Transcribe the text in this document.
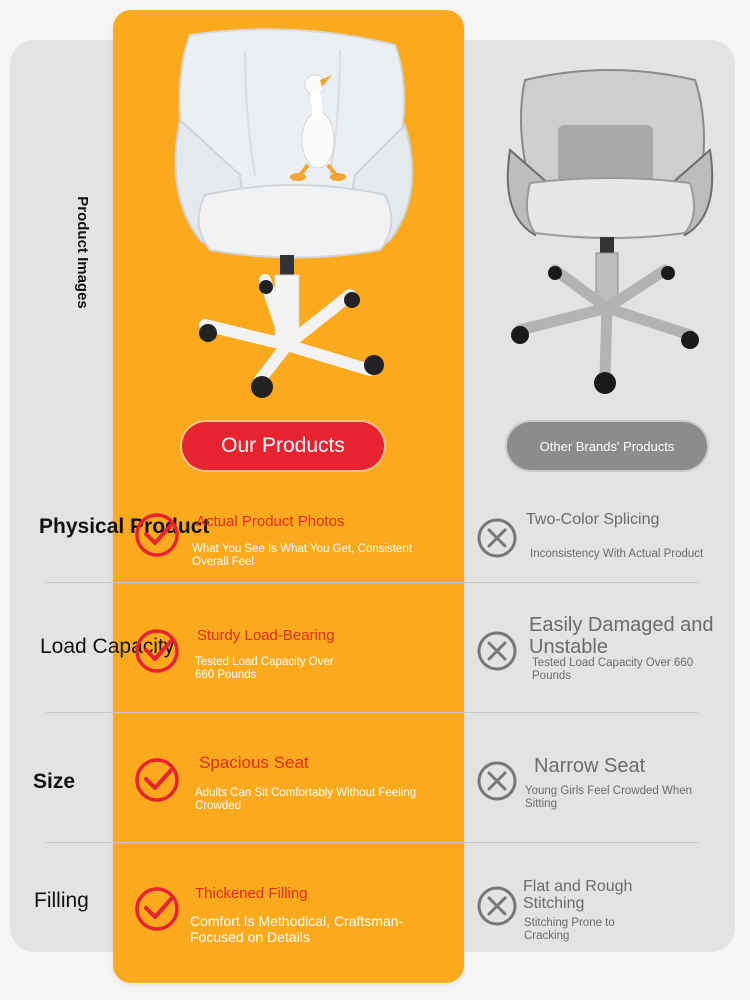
Product Images
Our Products	Other Brands' Products
Physical Product
Actual Product Photos
What You See Is What You Get, Consistent Overall Feel
Two-Color Splicing
Inconsistency With Actual Product
Load Capacity Sturdy Load-Bearing
Tested Load Capacity Over 660 Pounds
Easily Damaged and Unstable
Tested Load Capacity Over 660 Pounds
Size
Spacious Seat
Adults Can Sit Comfortably Without Feeling Crowded
Narrow Seat
Young Girls Feel Crowded When Sitting
Filling	Thickened Filling
Comfort Is Methodical, Craftsman-Focused on Details
Flat and Rough Stitching
Stitching Prone to Cracking
